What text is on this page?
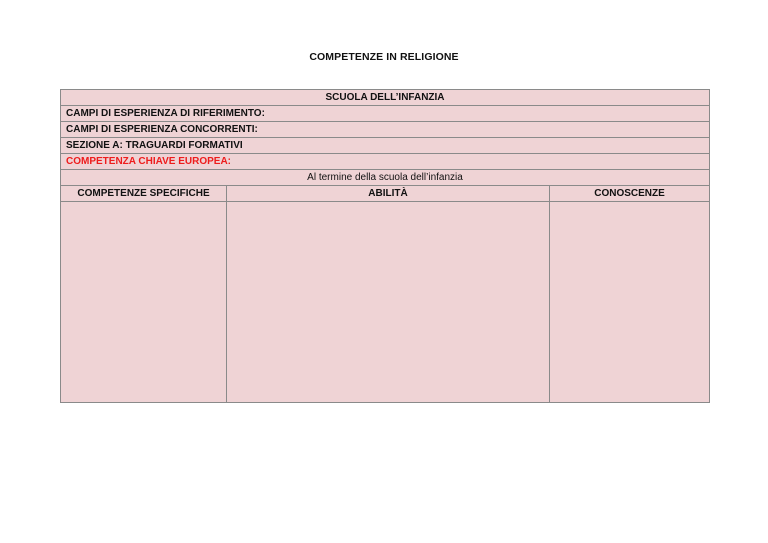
COMPETENZE IN RELIGIONE
SCUOLA DELL’INFANZIA
CAMPI DI ESPERIENZA DI RIFERIMENTO:
CAMPI DI ESPERIENZA CONCORRENTI:
SEZIONE A: TRAGUARDI FORMATIVI
COMPETENZA CHIAVE EUROPEA:
Al termine della scuola dell’infanzia
COMPETENZE SPECIFICHE	ABILITÀ	CONOSCENZE
